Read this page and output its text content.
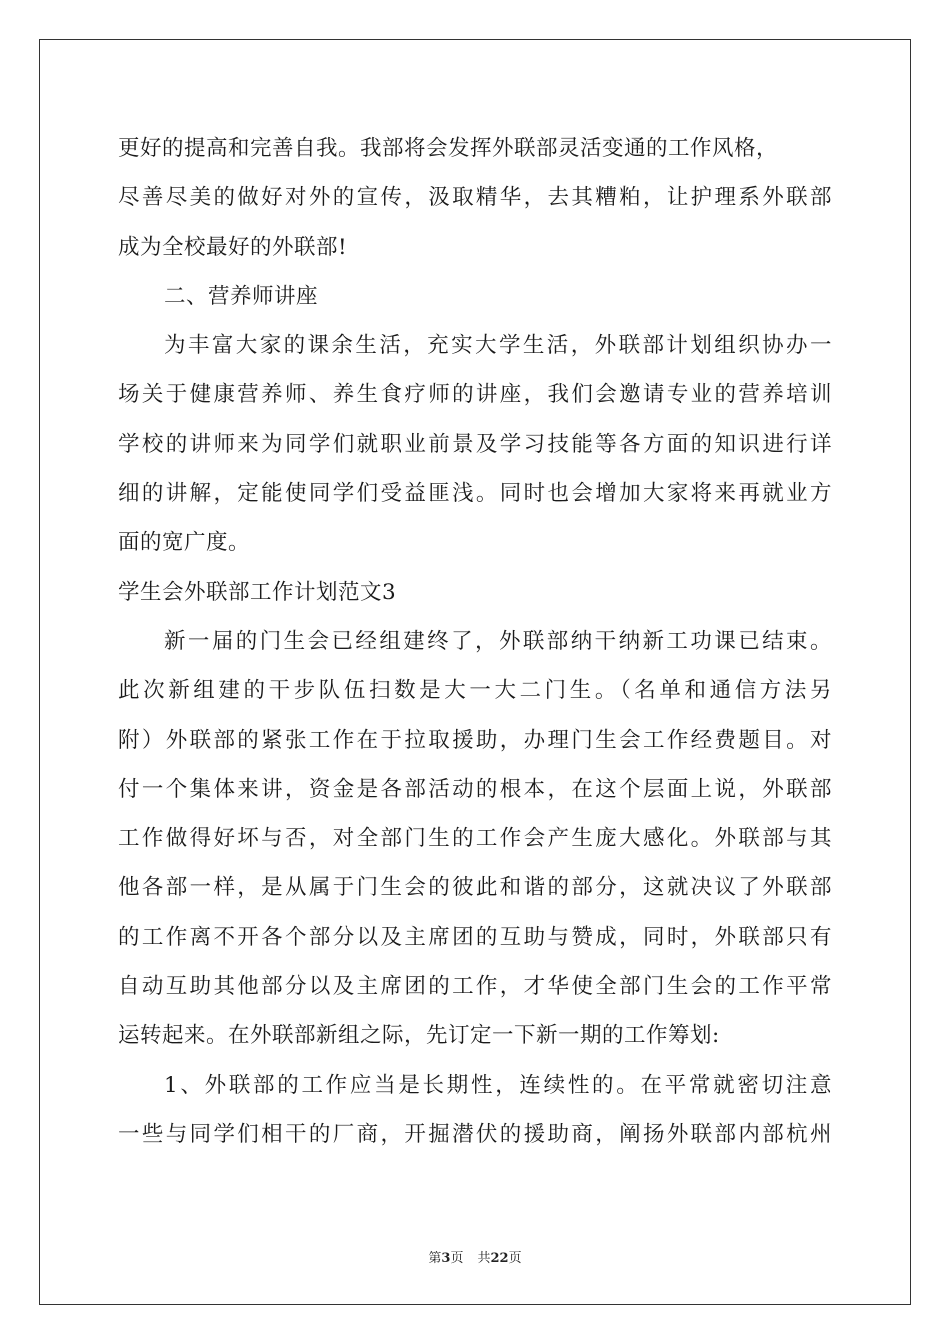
更好的提高和完善自我。我部将会发挥外联部灵活变通的工作风格，
尽善尽美的做好对外的宣传，汲取精华，去其糟粕，让护理系外联部
成为全校最好的外联部!
二、营养师讲座
为丰富大家的课余生活，充实大学生活，外联部计划组织协办一
场关于健康营养师、养生食疗师的讲座，我们会邀请专业的营养培训
学校的讲师来为同学们就职业前景及学习技能等各方面的知识进行详
细的讲解，定能使同学们受益匪浅。同时也会增加大家将来再就业方
面的宽广度。
学生会外联部工作计划范文3
新一届的门生会已经组建终了，外联部纳干纳新工功课已结束。
此次新组建的干步队伍扫数是大一大二门生。（名单和通信方法另
附）外联部的紧张工作在于拉取援助，办理门生会工作经费题目。对
付一个集体来讲，资金是各部活动的根本，在这个层面上说，外联部
工作做得好坏与否，对全部门生的工作会产生庞大感化。外联部与其
他各部一样，是从属于门生会的彼此和谐的部分，这就决议了外联部
的工作离不开各个部分以及主席团的互助与赞成，同时，外联部只有
自动互助其他部分以及主席团的工作，才华使全部门生会的工作平常
运转起来。在外联部新组之际，先订定一下新一期的工作筹划:
1、外联部的工作应当是长期性，连续性的。在平常就密切注意
一些与同学们相干的厂商，开掘潜伏的援助商，阐扬外联部内部杭州
第3页 共22页
